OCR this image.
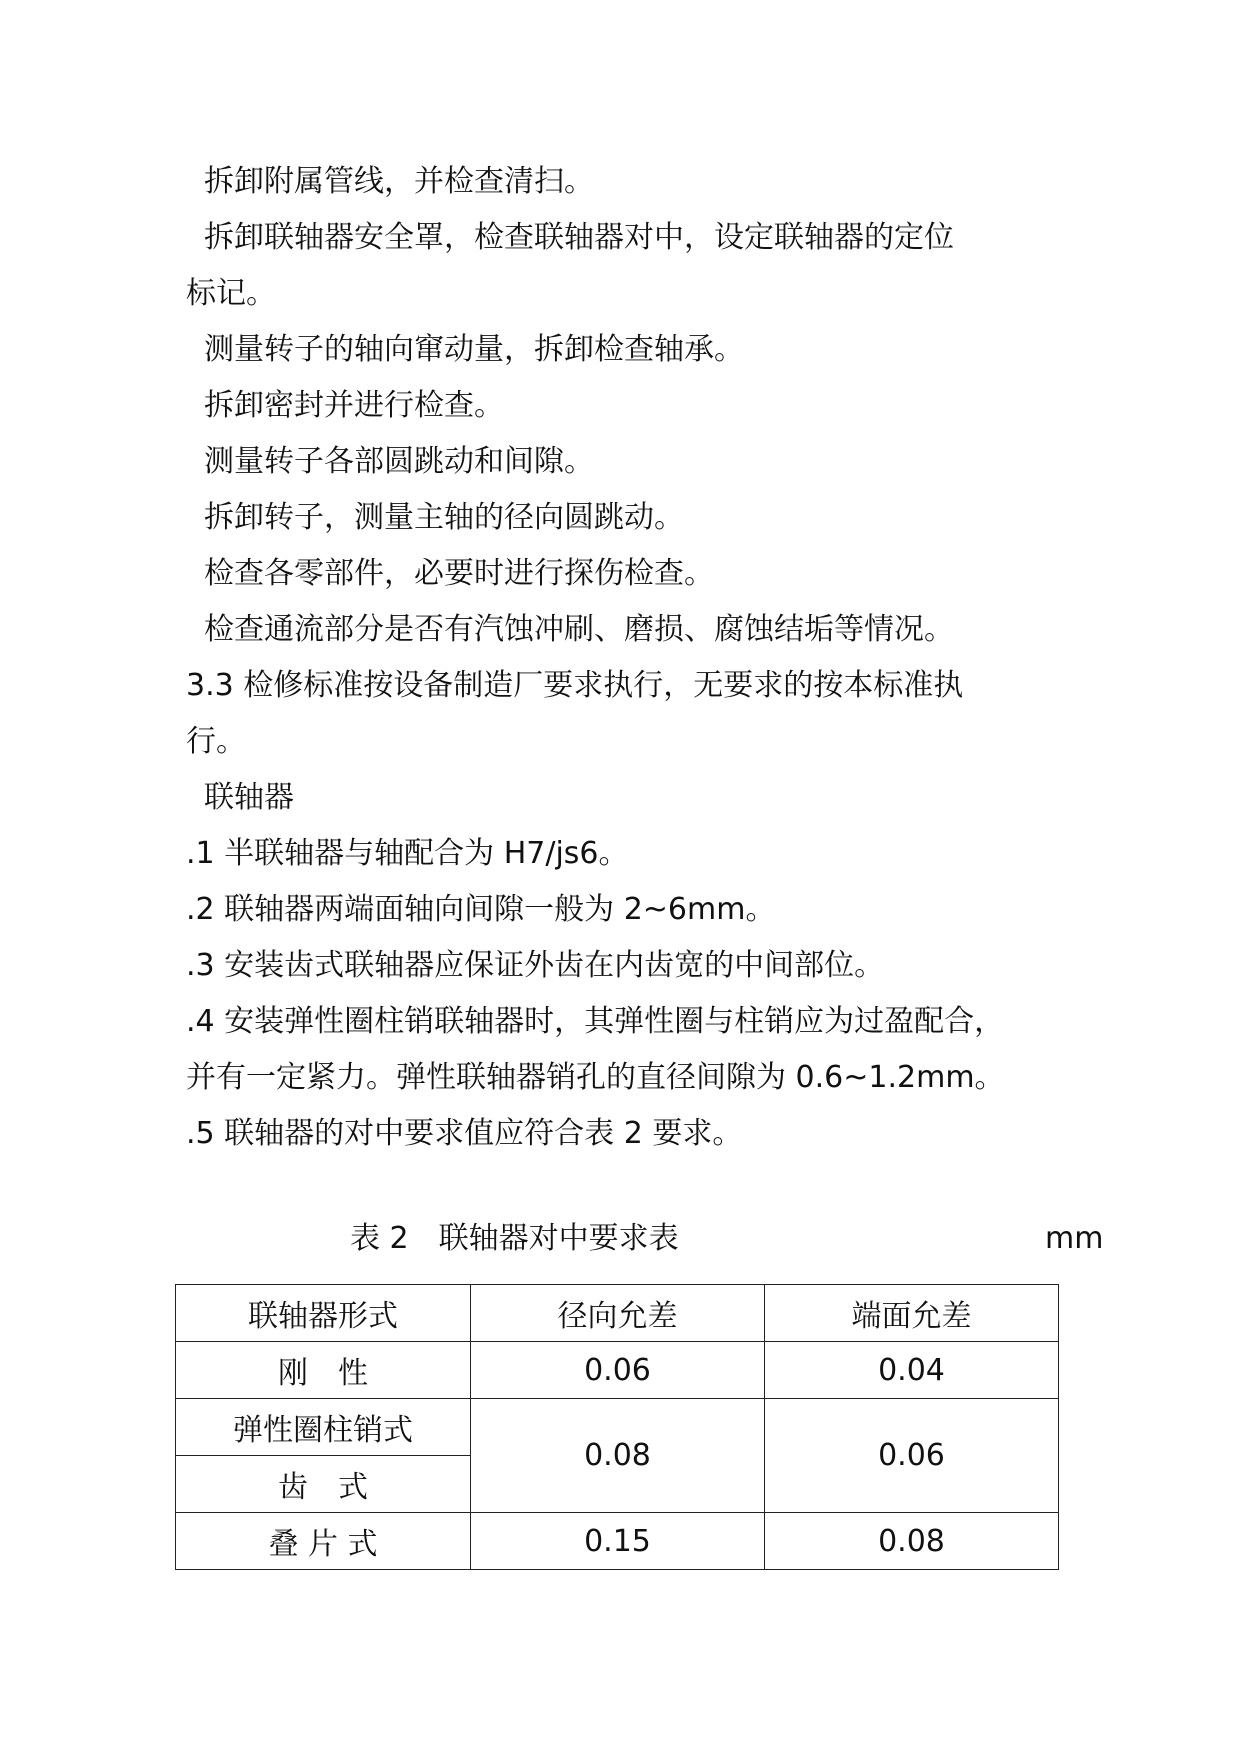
拆卸附属管线，并检查清扫。
拆卸联轴器安全罩，检查联轴器对中，设定联轴器的定位
标记。
测量转子的轴向窜动量，拆卸检查轴承。
拆卸密封并进行检查。
测量转子各部圆跳动和间隙。
拆卸转子，测量主轴的径向圆跳动。
检查各零部件，必要时进行探伤检查。
检查通流部分是否有汽蚀冲刷、磨损、腐蚀结垢等情况。
3.3 检修标准按设备制造厂要求执行，无要求的按本标准执
行。
联轴器
.1 半联轴器与轴配合为 H7/js6。
.2 联轴器两端面轴向间隙一般为 2~6mm。
.3 安装齿式联轴器应保证外齿在内齿宽的中间部位。
.4 安装弹性圈柱销联轴器时，其弹性圈与柱销应为过盈配合，
并有一定紧力。弹性联轴器销孔的直径间隙为 0.6~1.2mm。
.5 联轴器的对中要求值应符合表 2 要求。
表 2　联轴器对中要求表	mm
联轴器形式	径向允差	端面允差
刚　性	0.06	0.04
弹性圈柱销式	0.08	0.06
齿　式		
叠 片 式	0.15	0.08
